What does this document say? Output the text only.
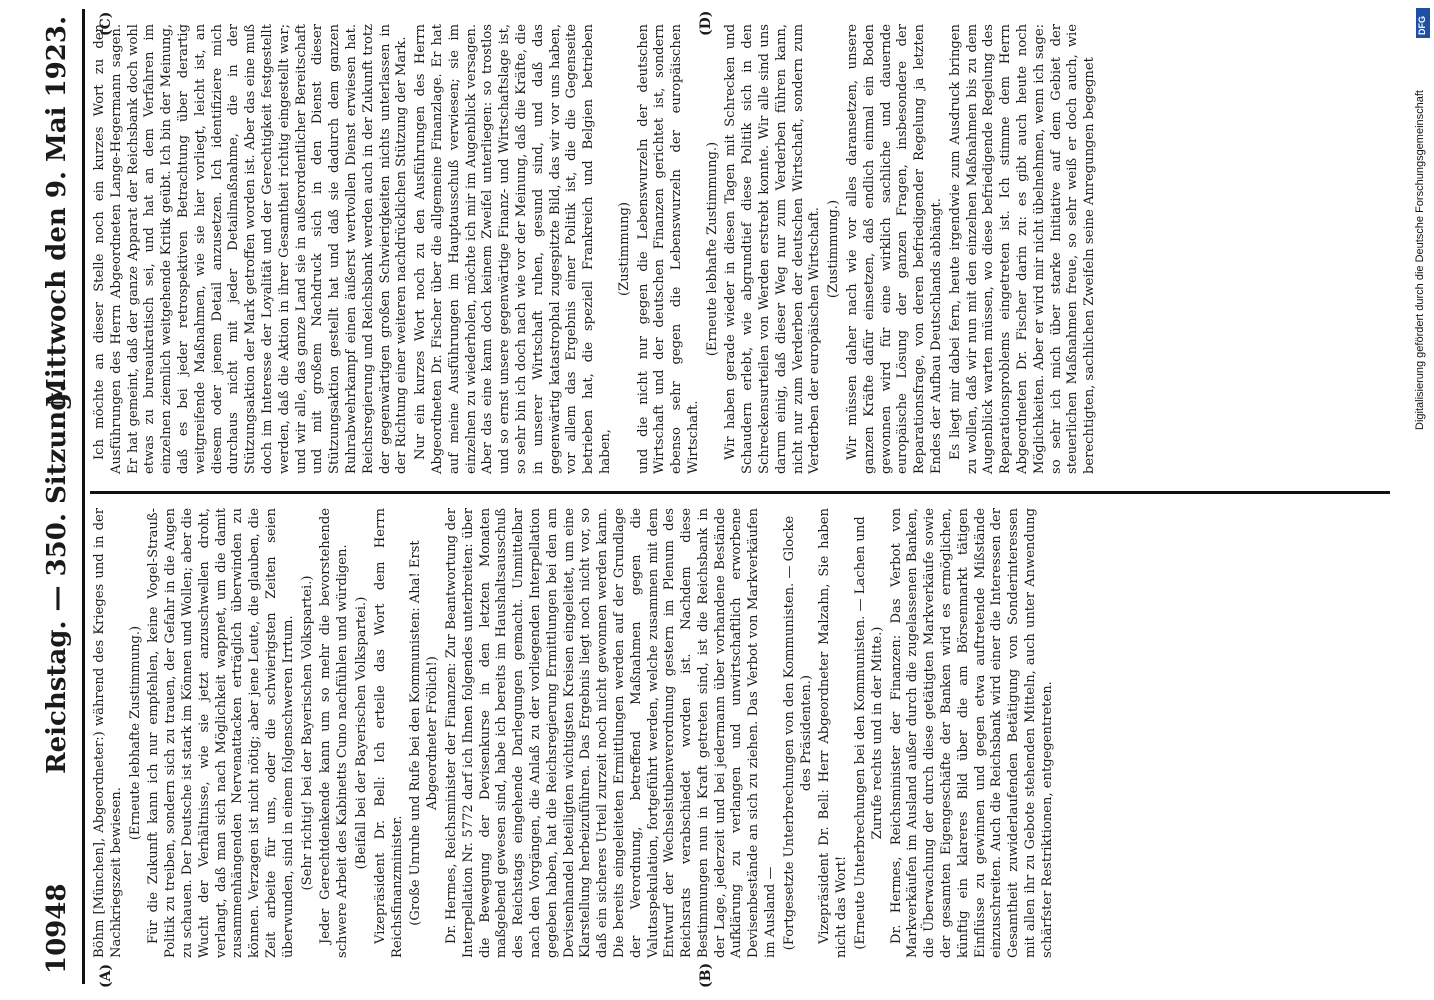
10948
Reichstag. — 350. Sitzung.
Mittwoch den 9. Mai 1923.
(A)	(B)
(C)	(D)

Böhm [München], Abgeordneter:) während des Krieges und in der Nachkriegszeit bewiesen.

(Erneute lebhafte Zustimmung.) Für die Zukunft kann ich nur empfehlen, keine Vogel-Strauß-Politik zu treiben, sondern sich zu trauen, der Gefahr in die Augen zu schauen. Der Deutsche ist stark im Können und Wollen; aber die Wucht der Verhältnisse, wie sie jetzt anzuschwellen droht, verlangt, daß man sich nach Möglichkeit wappnet, um die damit zusammenhängenden Nervenattacken erträglich überwinden zu können. Verzagen ist nicht nötig; aber jene Leute, die glauben, die Zeit arbeite für uns, oder die schwierigsten Zeiten seien überwunden, sind in einem folgenschweren Irrtum. (Sehr richtig! bei der Bayerischen Volkspartei.) Jeder Gerechtdenkende kann um so mehr die bevorstehende schwere Arbeit des Kabinetts Cuno nachfühlen und würdigen. (Beifall bei der Bayerischen Volkspartei.) Vizepräsident Dr. Bell: Ich erteile das Wort dem Herrn Reichsfinanzminister. (Große Unruhe und Rufe bei den Kommunisten: Aha! Erst Abgeordneter Frölich!) Dr. Hermes, Reichsminister der Finanzen: Zur Beantwortung der Interpellation Nr. 5772 darf ich Ihnen folgendes unterbreiten: über die Bewegung der Devisenkurse in den letzten Monaten maßgebend gewesen sind, habe ich bereits im Haushaltsausschuß des Reichstags eingehende Darlegungen gemacht. Unmittelbar nach den Vorgängen, die Anlaß zu der vorliegenden Interpellation gegeben haben, hat die Reichsregierung Ermittlungen bei den am Devisenhandel beteiligten wichtigsten Kreisen eingeleitet, um eine Klarstellung herbeizuführen. Das Ergebnis liegt noch nicht vor, so daß ein sicheres Urteil zurzeit noch nicht gewonnen werden kann. Die bereits eingeleiteten Ermittlungen werden auf der Grundlage der Verordnung, betreffend Maßnahmen gegen die Valutaspekulation, fortgeführt werden, welche zusammen mit dem Entwurf der Wechselstubenverordnung gestern im Plenum des Reichsrats verabschiedet worden ist. Nachdem diese Bestimmungen nun in Kraft getreten sind, ist die Reichsbank in der Lage, jederzeit und bei jedermann über vorhandene Bestände Aufklärung zu verlangen und unwirtschaftlich erworbene Devisenbestände an sich zu ziehen. Das Verbot von Markverkäufen im Ausland — (Fortgesetzte Unterbrechungen von den Kommunisten. — Glocke des Präsidenten.) Vizepräsident Dr. Bell: Herr Abgeordneter Malzahn, Sie haben nicht das Wort! (Erneute Unterbrechungen bei den Kommunisten. — Lachen und Zurufe rechts und in der Mitte.) Dr. Hermes, Reichsminister der Finanzen: Das Verbot von Markverkäufen im Ausland außer durch die zugelassenen Banken, die Überwachung der durch diese getätigten Markverkäufe sowie der gesamten Eigengeschäfte der Banken wird es ermöglichen, künftig ein klareres Bild über die am Börsenmarkt tätigen Einflüsse zu gewinnen und gegen etwa auftretende Mißstände einzuschreiten. Auch die Reichsbank wird einer die Interessen der Gesamtheit zuwiderlaufenden Betätigung von Sonderinteressen mit allen ihr zu Gebote stehenden Mitteln, auch unter Anwendung schärfster Restriktionen, entgegentreten.

Ich möchte an dieser Stelle noch ein kurzes Wort zu den Ausführungen des Herrn Abgeordneten Lange-Hegermann sagen. Er hat gemeint, daß der ganze Apparat der Reichsbank doch wohl etwas zu bureaukratisch sei, und hat an dem Verfahren im einzelnen ziemlich weitgehende Kritik geübt. Ich bin der Meinung, daß es bei jeder retrospektiven Betrachtung über derartig weitgreifende Maßnahmen, wie sie hier vorliegt, leicht ist, an diesem oder jenem Detail anzusetzen. Ich identifiziere mich durchaus nicht mit jeder Detailmaßnahme, die in der Stützungsaktion der Mark getroffen worden ist. Aber das eine muß doch im Interesse der Loyalität und der Gerechtigkeit festgestellt werden, daß die Aktion in ihrer Gesamtheit richtig eingestellt war; und wir alle, das ganze Land sie in außerordentlicher Bereitschaft und mit großem Nachdruck sich in den Dienst dieser Stützungsaktion gestellt hat und daß sie dadurch dem ganzen Ruhrabwehrkampf einen äußerst wertvollen Dienst erwiesen hat. Reichsregierung und Reichsbank werden auch in der Zukunft trotz der gegenwärtigen großen Schwierigkeiten nichts unterlassen in der Richtung einer weiteren nachdrücklichen Stützung der Mark. Nur ein kurzes Wort noch zu den Ausführungen des Herrn Abgeordneten Dr. Fischer über die allgemeine Finanzlage. Er hat auf meine Ausführungen im Hauptausschuß verwiesen; sie im einzelnen zu wiederholen, möchte ich mir im Augenblick versagen. Aber das eine kann doch keinem Zweifel unterliegen: so trostlos und so ernst unsere gegenwärtige Finanz- und Wirtschaftslage ist, so sehr bin ich doch nach wie vor der Meinung, daß die Kräfte, die in unserer Wirtschaft ruhen, gesund sind, und daß das gegenwärtig katastrophal zugespitzte Bild, das wir vor uns haben, vor allem das Ergebnis einer Politik ist, die die Gegenseite betrieben hat, die speziell Frankreich und Belgien betrieben haben,

(Zustimmung) und die nicht nur gegen die Lebenswurzeln der deutschen Wirtschaft und der deutschen Finanzen gerichtet ist, sondern ebenso sehr gegen die Lebenswurzeln der europäischen Wirtschaft.

(Erneute lebhafte Zustimmung.) Wir haben gerade wieder in diesen Tagen mit Schrecken und Schaudern erlebt, wie abgrundtief diese Politik sich in den Schreckensurteilen von Werden erstrebt konnte. Wir alle sind uns darum einig, daß dieser Weg nur zum Verderben führen kann, nicht nur zum Verderben der deutschen Wirtschaft, sondern zum Verderben der europäischen Wirtschaft. (Zustimmung.) Wir müssen daher nach wie vor alles daransetzen, unsere ganzen Kräfte dafür einsetzen, daß endlich einmal ein Boden gewonnen wird für eine wirklich sachliche und dauernde europäische Lösung der ganzen Fragen, insbesondere der Reparationsfrage, von deren befriedigender Regelung ja letzten Endes der Aufbau Deutschlands abhängt. Es liegt mir dabei fern, heute irgendwie zum Ausdruck bringen zu wollen, daß wir nun mit den einzelnen Maßnahmen bis zu dem Augenblick warten müssen, wo diese befriedigende Regelung des Reparationsproblems eingetreten ist. Ich stimme dem Herrn Abgeordneten Dr. Fischer darin zu: es gibt auch heute noch Möglichkeiten. Aber er wird mir nicht übelnehmen, wenn ich sage: so sehr ich mich über starke Initiative auf dem Gebiet der steuerlichen Maßnahmen freue, so sehr weiß er doch auch, wie berechtigten, sachlichen Zweifeln seine Anregungen begegnet	Digitalisierung gefördert durch die Deutsche Forschungsgemeinschaft
DFG
